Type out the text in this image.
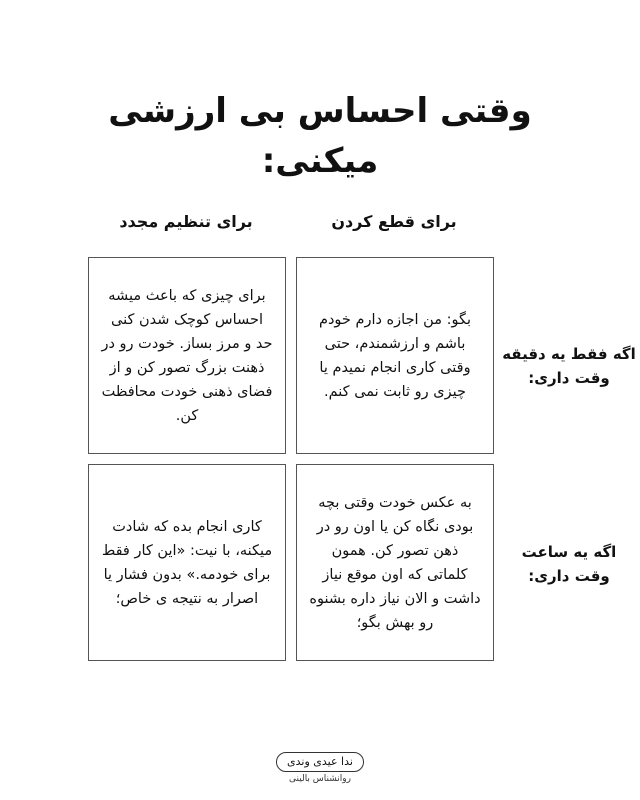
وقتی احساس بی ارزشی
میکنی:
برای قطع کردن
برای تنظیم مجدد
اگه فقط یه دقیقه
وقت داری:
اگه یه ساعت
وقت داری:
بگو: من اجازه دارم خودم باشم و ارزشمندم، حتی وقتی کاری انجام نمیدم یا چیزی رو ثابت نمی کنم.
برای چیزی که باعث میشه احساس کوچک شدن کنی حد و مرز بساز. خودت رو در ذهنت بزرگ تصور کن و از فضای ذهنی خودت محافظت کن.
به عکس خودت وقتی بچه بودی نگاه کن یا اون رو در ذهن تصور کن. همون کلماتی که اون موقع نیاز داشت و الان نیاز داره بشنوه رو بهش بگو؛
کاری انجام بده که شادت میکنه، با نیت: «این کار فقط برای خودمه.» بدون فشار یا اصرار به نتیجه ی خاص؛
ندا عیدی وندی
روانشناس بالینی
